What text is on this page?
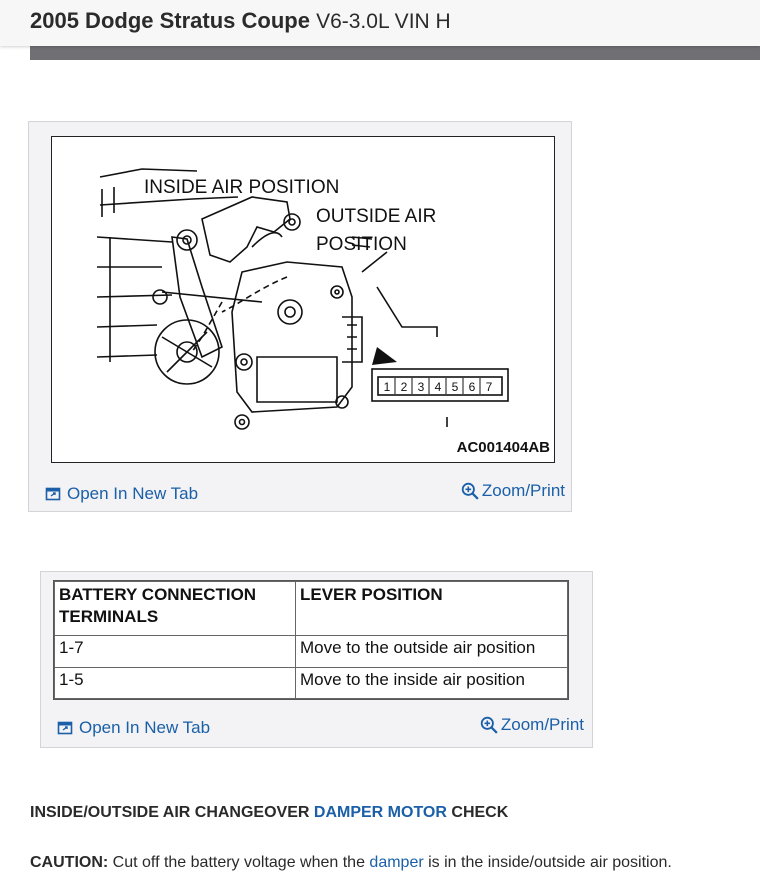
2005 Dodge Stratus Coupe V6-3.0L VIN H
1 2 3 4 5 6 7
INSIDE AIR POSITION
OUTSIDE AIR
POSITION
AC001404AB
Open In New Tab	Zoom/Print
BATTERY CONNECTION TERMINALS	LEVER POSITION
1-7	Move to the outside air position
1-5	Move to the inside air position
Open In New Tab	Zoom/Print
INSIDE/OUTSIDE AIR CHANGEOVER DAMPER MOTOR CHECK
CAUTION: Cut off the battery voltage when the damper is in the inside/outside air position.
